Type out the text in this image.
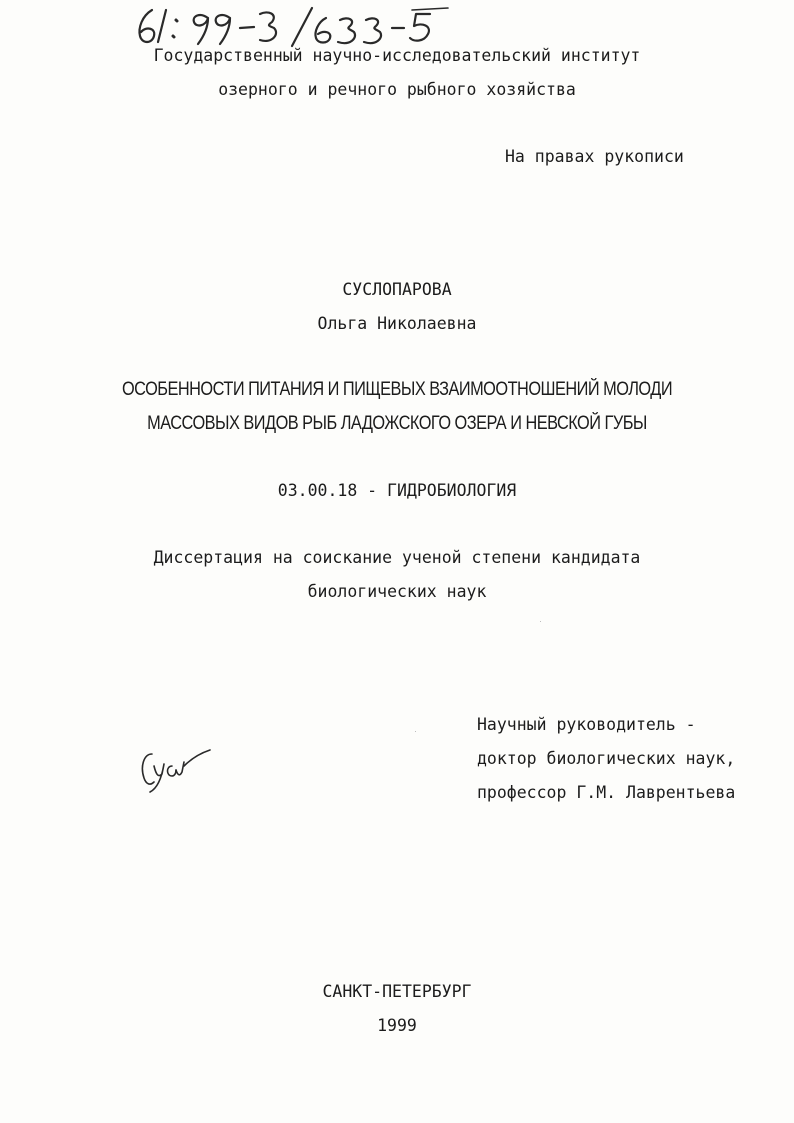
Государственный научно-исследовательский институт
озерного и речного рыбного хозяйства
На правах рукописи
СУСЛОПАРОВА
Ольга Николаевна
ОСОБЕННОСТИ ПИТАНИЯ И ПИЩЕВЫХ ВЗАИМООТНОШЕНИЙ МОЛОДИ
МАССОВЫХ ВИДОВ РЫБ ЛАДОЖСКОГО ОЗЕРА И НЕВСКОЙ ГУБЫ
03.00.18 - ГИДРОБИОЛОГИЯ
Диссертация на соискание ученой степени кандидата
биологических наук
Научный руководитель -
доктор биологических наук,
профессор Г.М. Лаврентьева
САНКТ-ПЕТЕРБУРГ
1999
